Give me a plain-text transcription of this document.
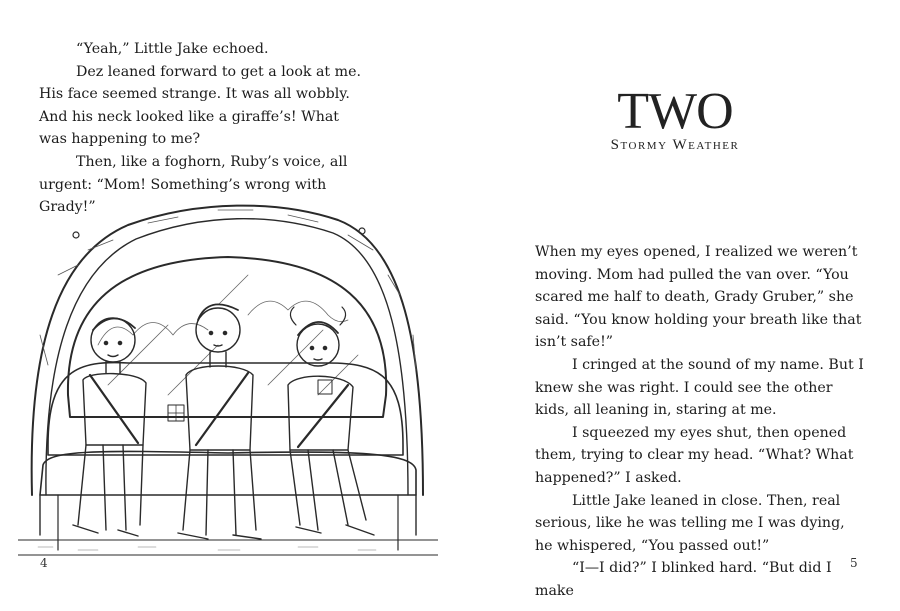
“Yeah,” Little Jake echoed.

Dez leaned forward to get a look at me. His face seemed strange. It was all wobbly. And his neck looked like a giraffe’s! What was happening to me?

Then, like a foghorn, Ruby’s voice, all urgent: “Mom! Something’s wrong with Grady!”

4
TWO
Stormy Weather

When my eyes opened, I realized we weren’t moving. Mom had pulled the van over. “You scared me half to death, Grady Gruber,” she said. “You know holding your breath like that isn’t safe!”

I cringed at the sound of my name. But I knew she was right. I could see the other kids, all leaning in, staring at me.

I squeezed my eyes shut, then opened them, trying to clear my head. “What? What happened?” I asked.

Little Jake leaned in close. Then, real serious, like he was telling me I was dying, he whispered, “You passed out!”

“I—I did?” I blinked hard. “But did I make

5
